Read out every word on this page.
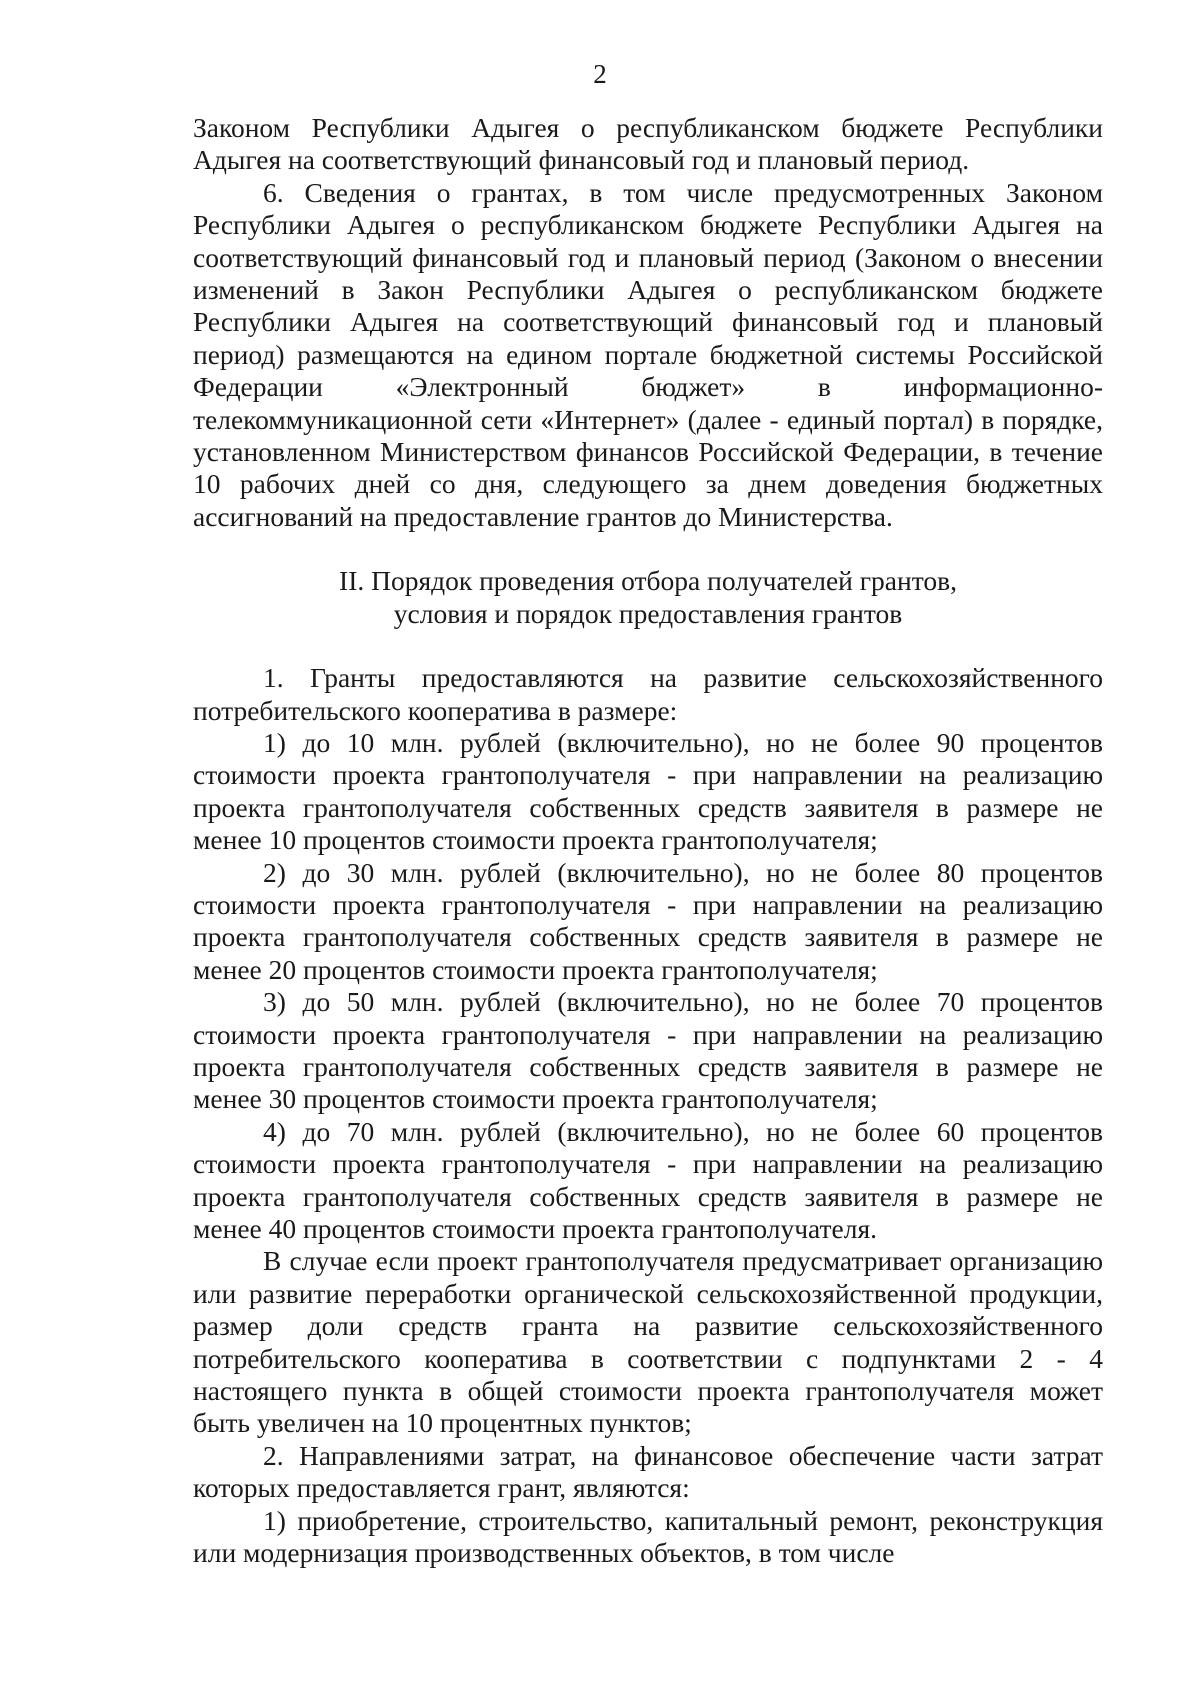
2

Законом Республики Адыгея о республиканском бюджете Республики Адыгея на соответствующий финансовый год и плановый период.

6. Сведения о грантах, в том числе предусмотренных Законом Республики Адыгея о республиканском бюджете Республики Адыгея на соответствующий финансовый год и плановый период (Законом о внесении изменений в Закон Республики Адыгея о республиканском бюджете Республики Адыгея на соответствующий финансовый год и плановый период) размещаются на едином портале бюджетной системы Российской Федерации «Электронный бюджет» в информационно-телекоммуникационной сети «Интернет» (далее - единый портал) в порядке, установленном Министерством финансов Российской Федерации, в течение 10 рабочих дней со дня, следующего за днем доведения бюджетных ассигнований на предоставление грантов до Министерства.

II. Порядок проведения отбора получателей грантов,

условия и порядок предоставления грантов

1. Гранты предоставляются на развитие сельскохозяйственного потребительского кооператива в размере:

1) до 10 млн. рублей (включительно), но не более 90 процентов стоимости проекта грантополучателя - при направлении на реализацию проекта грантополучателя собственных средств заявителя в размере не менее 10 процентов стоимости проекта грантополучателя;

2) до 30 млн. рублей (включительно), но не более 80 процентов стоимости проекта грантополучателя - при направлении на реализацию проекта грантополучателя собственных средств заявителя в размере не менее 20 процентов стоимости проекта грантополучателя;

3) до 50 млн. рублей (включительно), но не более 70 процентов стоимости проекта грантополучателя - при направлении на реализацию проекта грантополучателя собственных средств заявителя в размере не менее 30 процентов стоимости проекта грантополучателя;

4) до 70 млн. рублей (включительно), но не более 60 процентов стоимости проекта грантополучателя - при направлении на реализацию проекта грантополучателя собственных средств заявителя в размере не менее 40 процентов стоимости проекта грантополучателя.

В случае если проект грантополучателя предусматривает организацию или развитие переработки органической сельскохозяйственной продукции, размер доли средств гранта на развитие сельскохозяйственного потребительского кооператива в соответствии с подпунктами 2 - 4 настоящего пункта в общей стоимости проекта грантополучателя может быть увеличен на 10 процентных пунктов;

2. Направлениями затрат, на финансовое обеспечение части затрат которых предоставляется грант, являются:

1) приобретение, строительство, капитальный ремонт, реконструкция или модернизация производственных объектов, в том числе
